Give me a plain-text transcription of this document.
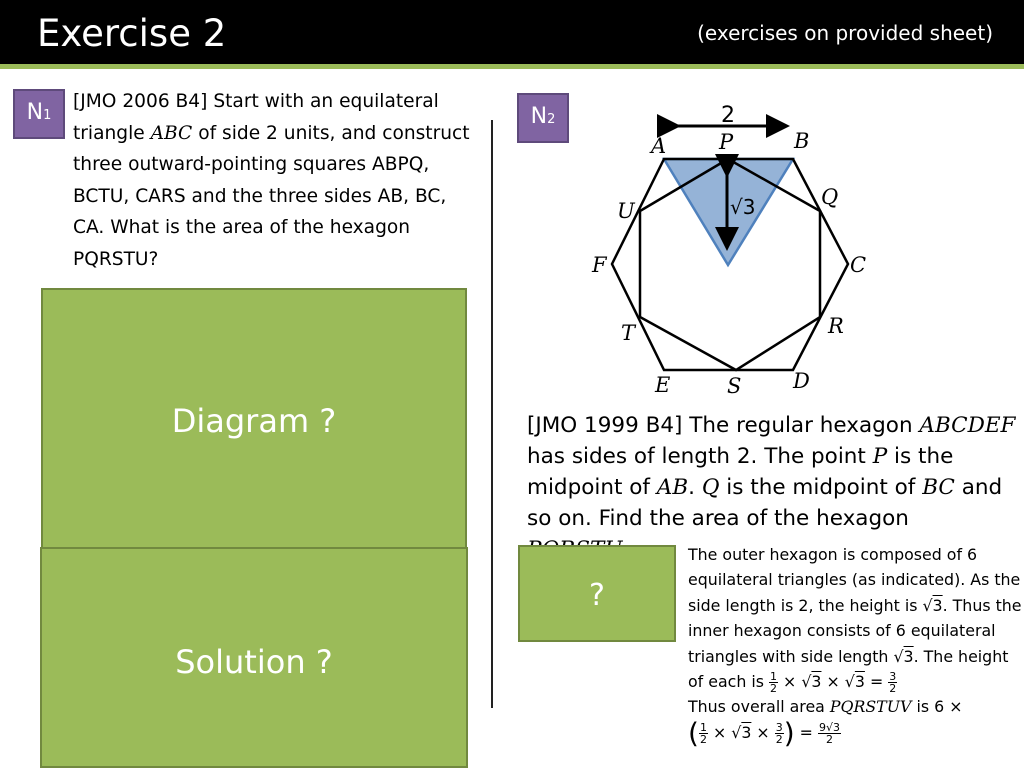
Exercise 2	(exercises on provided sheet)
N1
[JMO 2006 B4] Start with an equilateral triangle ABC of side 2 units, and construct three outward-pointing squares ABPQ, BCTU, CARS and the three sides AB, BC, CA. What is the area of the hexagon PQRSTU?
Diagram ?
Solution ?
N2	2
√3
A	P	B
U
Q
F	C
T	R
E	S D
[JMO 1999 B4] The regular hexagon ABCDEF has sides of length 2. The point P is the midpoint of AB. Q is the midpoint of BC and so on. Find the area of the hexagon
?
The outer hexagon is composed of 6 equilateral triangles (as indicated). As the side length is 2, the height is √3. Thus the inner hexagon consists of 6 equilateral triangles with side length √3. The height of each is $\frac{1}{2} \times √3 \times √3 = \frac{3}{2}$

Thus overall area PQRSTUV is 6 ×
( $\frac{1}{2} \times √3 \times \frac{3}{2}$ ) = $\frac{9√3}{2}$
